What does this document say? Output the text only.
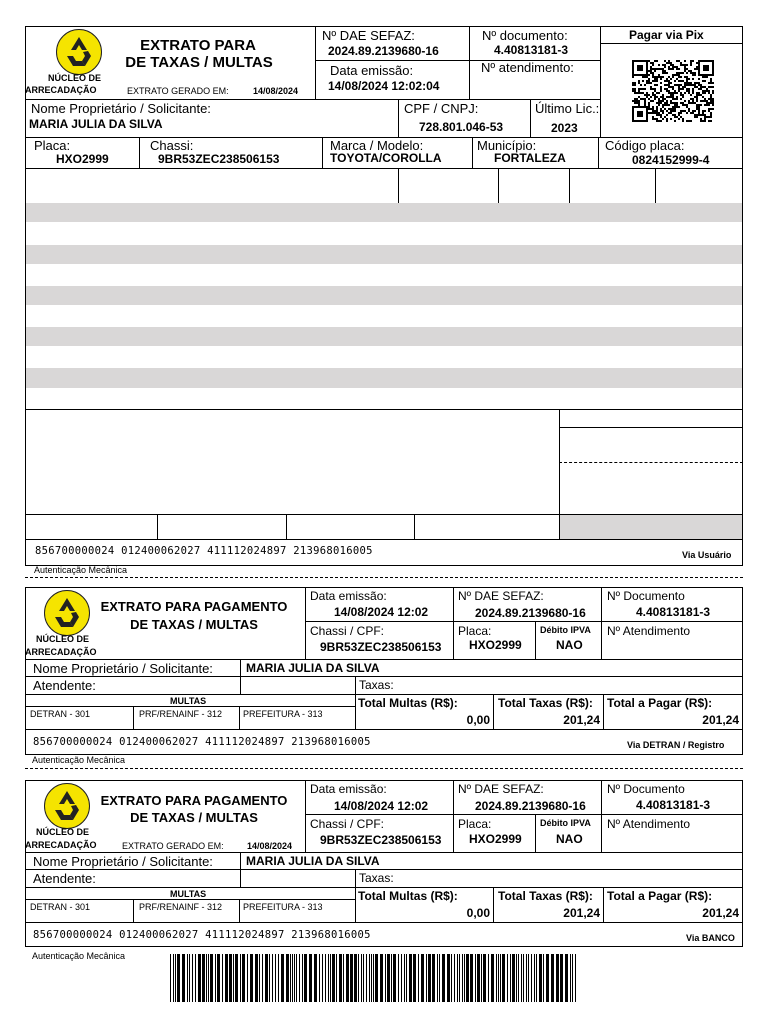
NÚCLEO DE
ARRECADAÇÃO	EXTRATO GERADO EM:	14/08/2024
EXTRATO PARA
DE TAXAS / MULTAS
Nº DAE SEFAZ:
2024.89.2139680-16
Data emissão:
14/08/2024 12:02:04
Nº documento:
4.40813181-3
Nº atendimento:
Pagar via Pix
Nome Proprietário / Solicitante:
MARIA JULIA DA SILVA
CPF / CNPJ:
728.801.046-53
Último Lic.:
2023
Placa:
HXO2999
Chassi:
9BR53ZEC238506153
Marca / Modelo:
TOYOTA/COROLLA
Município:
FORTALEZA
Código placa:
0824152999-4
856700000024 012400062027 411112024897 213968016005	Via Usuário
Autenticação Mecânica
NÚCLEO DE
ARRECADAÇÃO
EXTRATO PARA PAGAMENTO
DE TAXAS / MULTAS
Data emissão:
14/08/2024 12:02
Nº DAE SEFAZ:
2024.89.2139680-16
Nº Documento
4.40813181-3
Chassi / CPF:
9BR53ZEC238506153
Placa:
HXO2999
Débito IPVA
NAO
Nº Atendimento
Nome Proprietário / Solicitante:	MARIA JULIA DA SILVA
Atendente:	Taxas:
MULTAS
DETRAN - 301	PRF/RENAINF - 312 PREFEITURA - 313
Total Multas (R$):
0,00
Total Taxas (R$):
201,24
Total a Pagar (R$):
201,24
856700000024 012400062027 411112024897 213968016005	Via DETRAN / Registro
Autenticação Mecânica
NÚCLEO DE
ARRECADAÇÃO	EXTRATO GERADO EM:	14/08/2024
EXTRATO PARA PAGAMENTO
DE TAXAS / MULTAS
Data emissão:
14/08/2024 12:02
Nº DAE SEFAZ:
2024.89.2139680-16
Nº Documento
4.40813181-3
Chassi / CPF:
9BR53ZEC238506153
Placa:
HXO2999
Débito IPVA
NAO
Nº Atendimento
Nome Proprietário / Solicitante:	MARIA JULIA DA SILVA
Atendente:	Taxas:
MULTAS
DETRAN - 301	PRF/RENAINF - 312 PREFEITURA - 313
Total Multas (R$):
0,00
Total Taxas (R$):
201,24
Total a Pagar (R$):
201,24
856700000024 012400062027 411112024897 213968016005	Via BANCO
Autenticação Mecânica
